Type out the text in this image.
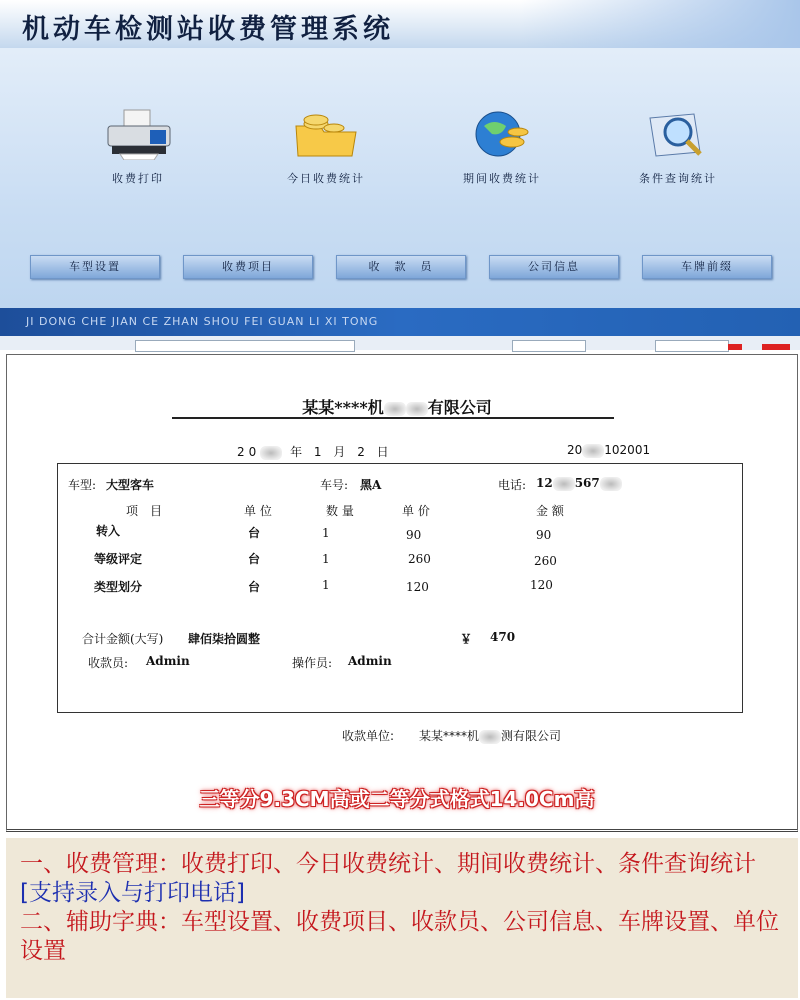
机动车检测站收费管理系统
收费打印	今日收费统计	期间收费统计	条件查询统计
车型设置	收费项目	收　款　员	公司信息	车牌前缀
JI DONG CHE JIAN CE ZHAN SHOU FEI GUAN LI XI TONG
某某****机	有限公司
20 年 1 月 2 日	20 102001
车型: 大型客车	车号: 黑A	电话: 12 567
项　目	单 位	数 量	单 价	金 额
转入	台	1	90	90
等级评定	台	1	260	260
类型划分	台	1	120	120
合计金额(大写) 肆佰柒拾圆整	￥ 470
收款员: Admin	操作员: Admin
收款单位: 某某****机 测有限公司
三等分9.3CM高或二等分式格式14.0Cm高

一、收费管理：收费打印、今日收费统计、期间收费统计、条件查询统计 [支持录入与打印电话]

二、辅助字典：车型设置、收费项目、收款员、公司信息、车牌设置、单位设置
